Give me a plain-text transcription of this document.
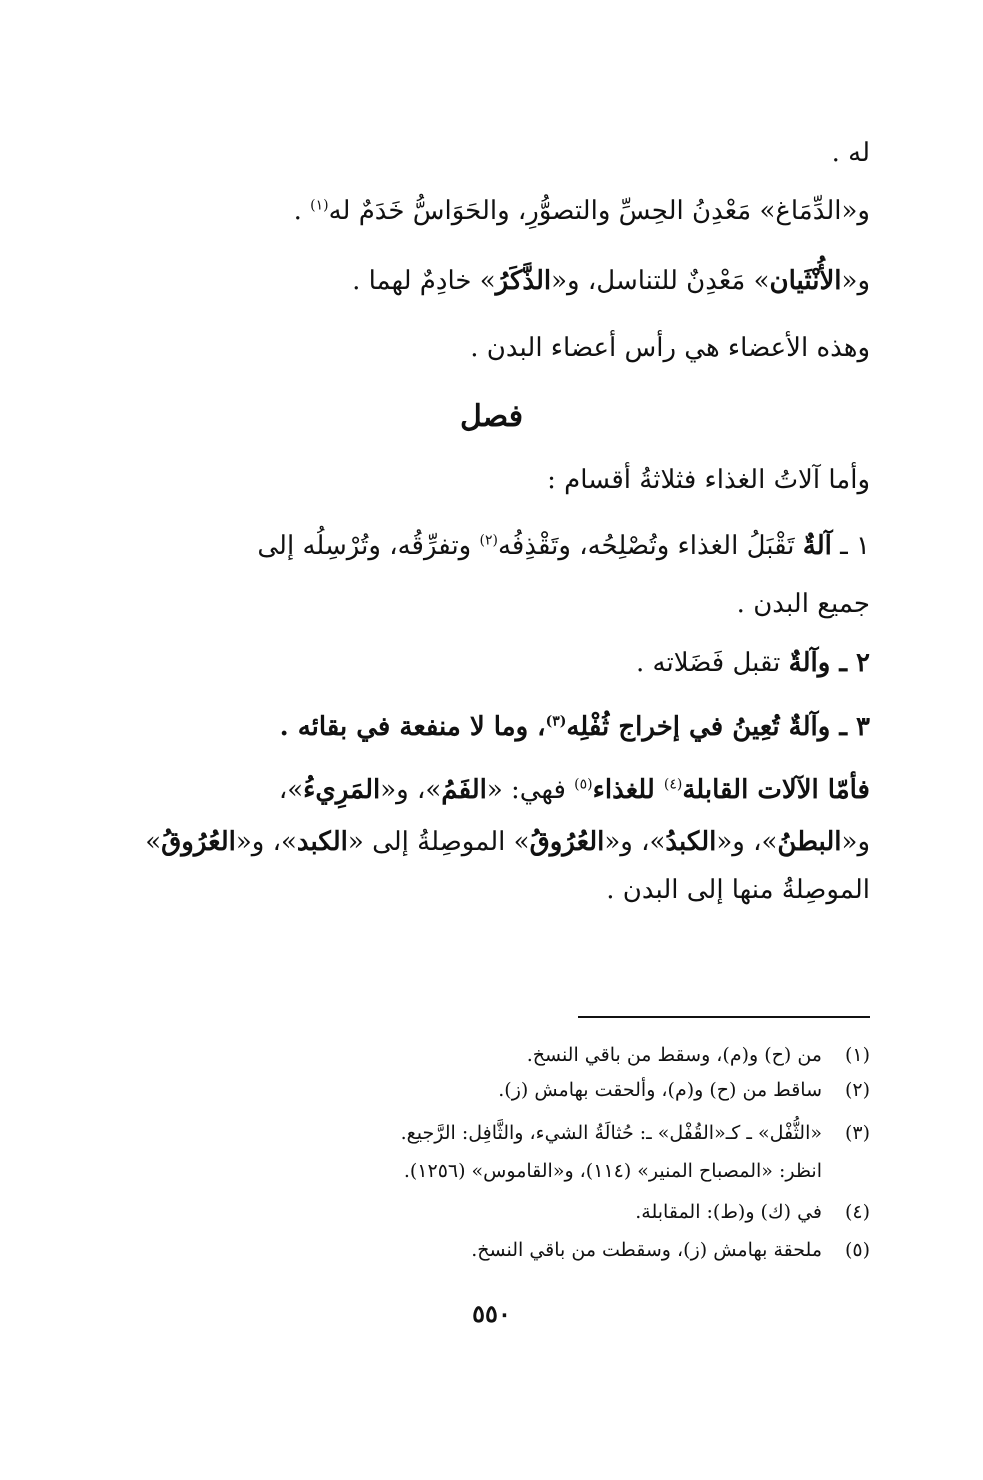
له .
و«الدِّمَاغ» مَعْدِنُ الحِسِّ والتصوُّرِ، والحَوَاسُّ خَدَمٌ له$^{(١)}$ .
و«الأُنْثَيان» مَعْدِنٌ للتناسل، و«الذَّكَرُ» خادِمٌ لهما .
وهذه الأعضاء هي رأس أعضاء البدن .
فصل
وأما آلاتُ الغذاء فثلاثةُ أقسام :
١ ـ آلةٌ تَقْبَلُ الغذاء وتُصْلِحُه، وتَقْذِفُه$^{(٢)}$ وتفرِّقُه، وتُرْسِلُه إلى
جميع البدن .
٢ ـ وآلةٌ تقبل فَضَلاته .
٣ ـ وآلةٌ تُعِينُ في إخراج ثُفْلِه$^{(٣)}$، وما لا منفعة في بقائه .
فأمّا الآلات القابلة$^{(٤)}$ للغذاء$^{(٥)}$ فهي: «الفَمُ»، و«المَرِيءُ»،
و«البطنُ»، و«الكبدُ»، و«العُرُوقُ» الموصِلةُ إلى «الكبد»، و«العُرُوقُ»
الموصِلةُ منها إلى البدن .
(١)من (ح) و(م)، وسقط من باقي النسخ.
(٢)ساقط من (ح) و(م)، وألحقت بهامش (ز).
(٣)«الثُّفْل» ـ كـ«القُفْل» ـ: حُثالَةُ الشيء، والثَّافِل: الرَّجيع.
انظر: «المصباح المنير» (١١٤)، و«القاموس» (١٢٥٦).
(٤)في (ك) و(ط): المقابلة.
(٥)ملحقة بهامش (ز)، وسقطت من باقي النسخ.
٥٥٠
